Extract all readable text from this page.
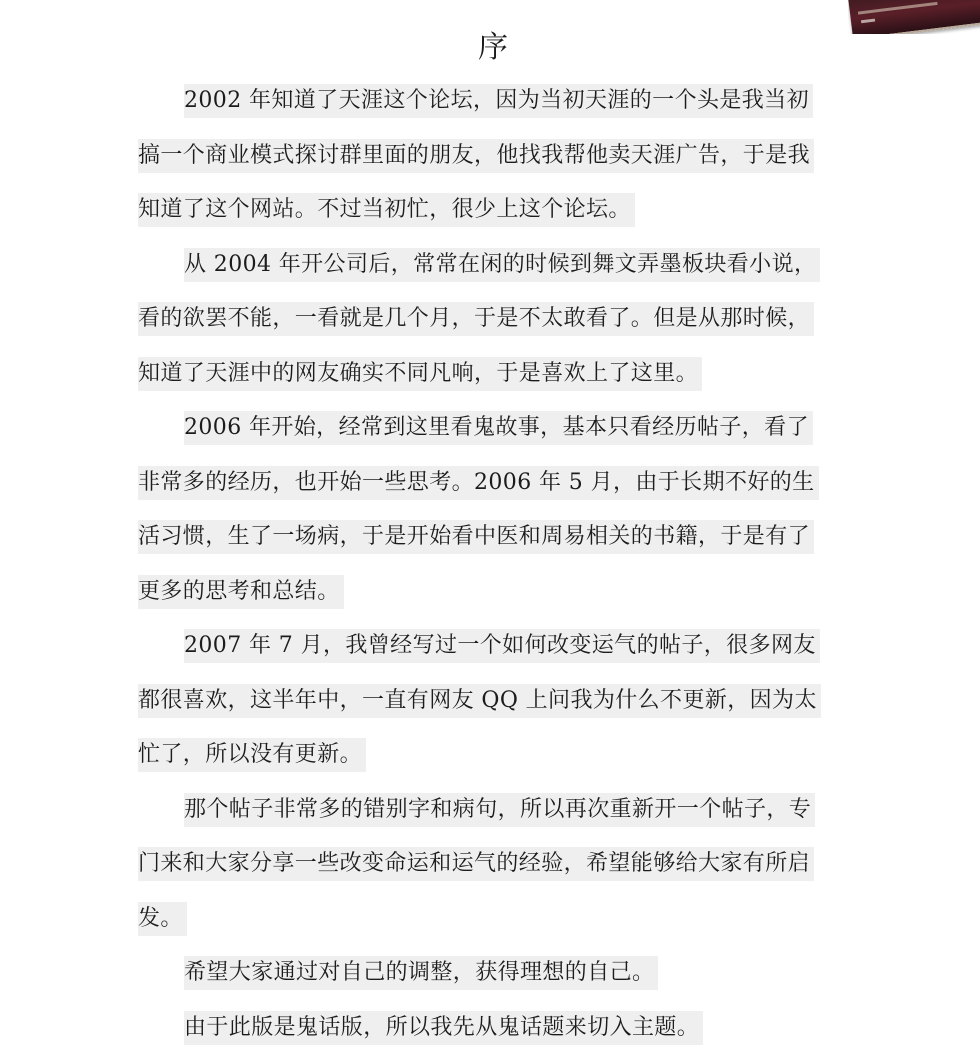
序
2002 年知道了天涯这个论坛，因为当初天涯的一个头是我当初
搞一个商业模式探讨群里面的朋友，他找我帮他卖天涯广告，于是我
知道了这个网站。不过当初忙，很少上这个论坛。
从 2004 年开公司后，常常在闲的时候到舞文弄墨板块看小说，
看的欲罢不能，一看就是几个月，于是不太敢看了。但是从那时候，
知道了天涯中的网友确实不同凡响，于是喜欢上了这里。
2006 年开始，经常到这里看鬼故事，基本只看经历帖子，看了
非常多的经历，也开始一些思考。2006 年 5 月，由于长期不好的生
活习惯，生了一场病，于是开始看中医和周易相关的书籍，于是有了
更多的思考和总结。
2007 年 7 月，我曾经写过一个如何改变运气的帖子，很多网友
都很喜欢，这半年中，一直有网友 QQ 上问我为什么不更新，因为太
忙了，所以没有更新。
那个帖子非常多的错别字和病句，所以再次重新开一个帖子，专
门来和大家分享一些改变命运和运气的经验，希望能够给大家有所启
发。
希望大家通过对自己的调整，获得理想的自己。
由于此版是鬼话版，所以我先从鬼话题来切入主题。
